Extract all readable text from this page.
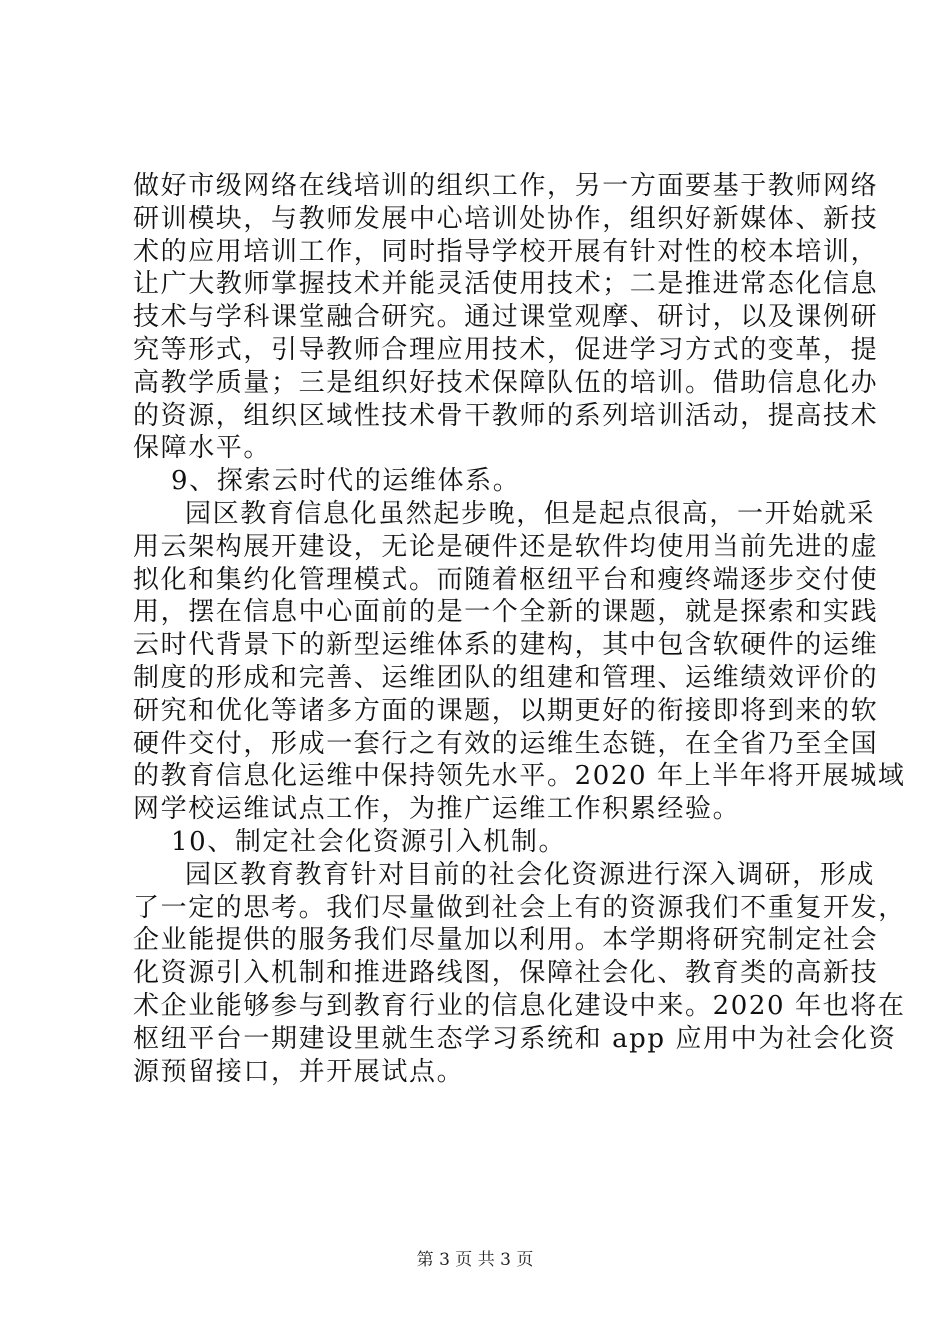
做好市级网络在线培训的组织工作，另一方面要基于教师网络
研训模块，与教师发展中心培训处协作，组织好新媒体、新技
术的应用培训工作，同时指导学校开展有针对性的校本培训，
让广大教师掌握技术并能灵活使用技术；二是推进常态化信息
技术与学科课堂融合研究。通过课堂观摩、研讨，以及课例研
究等形式，引导教师合理应用技术，促进学习方式的变革，提
高教学质量；三是组织好技术保障队伍的培训。借助信息化办
的资源，组织区域性技术骨干教师的系列培训活动，提高技术
保障水平。
9、探索云时代的运维体系。
园区教育信息化虽然起步晚，但是起点很高，一开始就采
用云架构展开建设，无论是硬件还是软件均使用当前先进的虚
拟化和集约化管理模式。而随着枢纽平台和瘦终端逐步交付使
用，摆在信息中心面前的是一个全新的课题，就是探索和实践
云时代背景下的新型运维体系的建构，其中包含软硬件的运维
制度的形成和完善、运维团队的组建和管理、运维绩效评价的
研究和优化等诸多方面的课题，以期更好的衔接即将到来的软
硬件交付，形成一套行之有效的运维生态链，在全省乃至全国
的教育信息化运维中保持领先水平。2020 年上半年将开展城域
网学校运维试点工作，为推广运维工作积累经验。
10、制定社会化资源引入机制。
园区教育教育针对目前的社会化资源进行深入调研，形成
了一定的思考。我们尽量做到社会上有的资源我们不重复开发，
企业能提供的服务我们尽量加以利用。本学期将研究制定社会
化资源引入机制和推进路线图，保障社会化、教育类的高新技
术企业能够参与到教育行业的信息化建设中来。2020 年也将在
枢纽平台一期建设里就生态学习系统和 app 应用中为社会化资
源预留接口，并开展试点。
第 3 页 共 3 页
